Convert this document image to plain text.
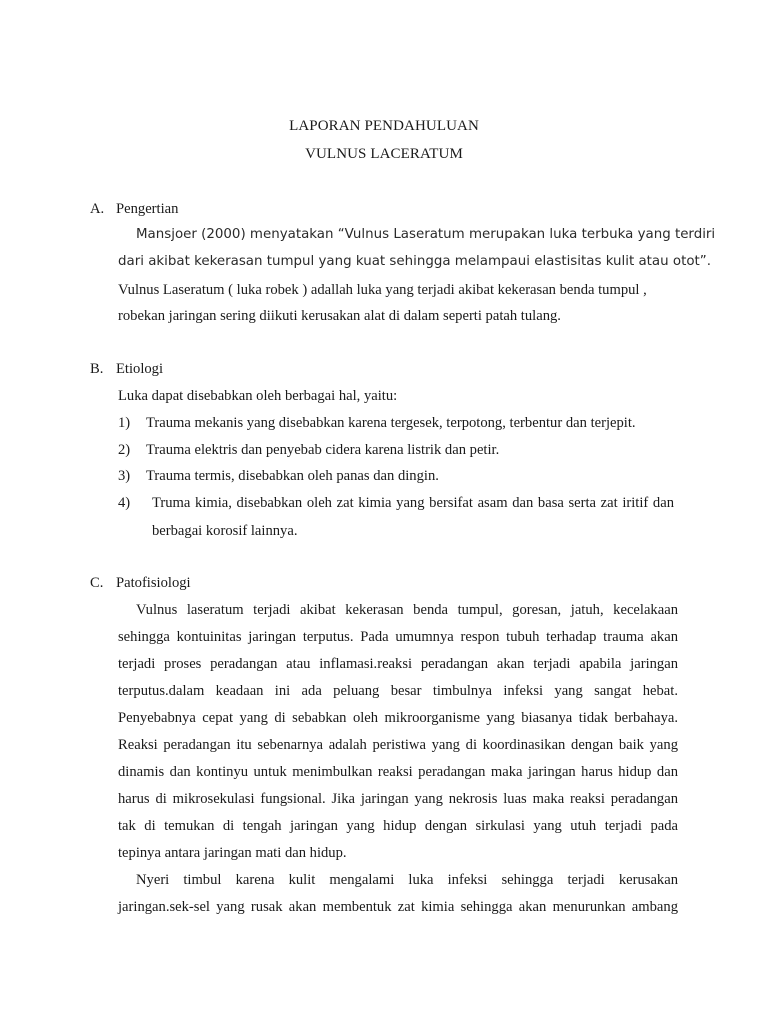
LAPORAN PENDAHULUAN
VULNUS LACERATUM
A. Pengertian
Mansjoer (2000) menyatakan “Vulnus Laseratum merupakan luka terbuka yang terdiri
dari akibat kekerasan tumpul yang kuat sehingga melampaui elastisitas kulit atau otot”.
Vulnus Laseratum ( luka robek ) adallah luka yang terjadi akibat kekerasan benda tumpul ,
robekan jaringan sering diikuti kerusakan alat di dalam seperti patah tulang.
B. Etiologi
Luka dapat disebabkan oleh berbagai hal, yaitu:
1) Trauma mekanis yang disebabkan karena tergesek, terpotong, terbentur dan terjepit.
2) Trauma elektris dan penyebab cidera karena listrik dan petir.
3) Trauma termis, disebabkan oleh panas dan dingin.
4) Truma kimia, disebabkan oleh zat kimia yang bersifat asam dan basa serta zat iritif dan
berbagai korosif lainnya.
C. Patofisiologi
Vulnus laseratum terjadi akibat kekerasan benda tumpul, goresan, jatuh, kecelakaan
sehingga kontuinitas jaringan terputus. Pada umumnya respon tubuh terhadap trauma akan
terjadi proses peradangan atau inflamasi.reaksi peradangan akan terjadi apabila jaringan
terputus.dalam keadaan ini ada peluang besar timbulnya infeksi yang sangat hebat.
Penyebabnya cepat yang di sebabkan oleh mikroorganisme yang biasanya tidak berbahaya.
Reaksi peradangan itu sebenarnya adalah peristiwa yang di koordinasikan dengan baik yang
dinamis dan kontinyu untuk menimbulkan reaksi peradangan maka jaringan harus hidup dan
harus di mikrosekulasi fungsional. Jika jaringan yang nekrosis luas maka reaksi peradangan
tak di temukan di tengah jaringan yang hidup dengan sirkulasi yang utuh terjadi pada
tepinya antara jaringan mati dan hidup.
Nyeri timbul karena kulit mengalami luka infeksi sehingga terjadi kerusakan
jaringan.sek-sel yang rusak akan membentuk zat kimia sehingga akan menurunkan ambang
